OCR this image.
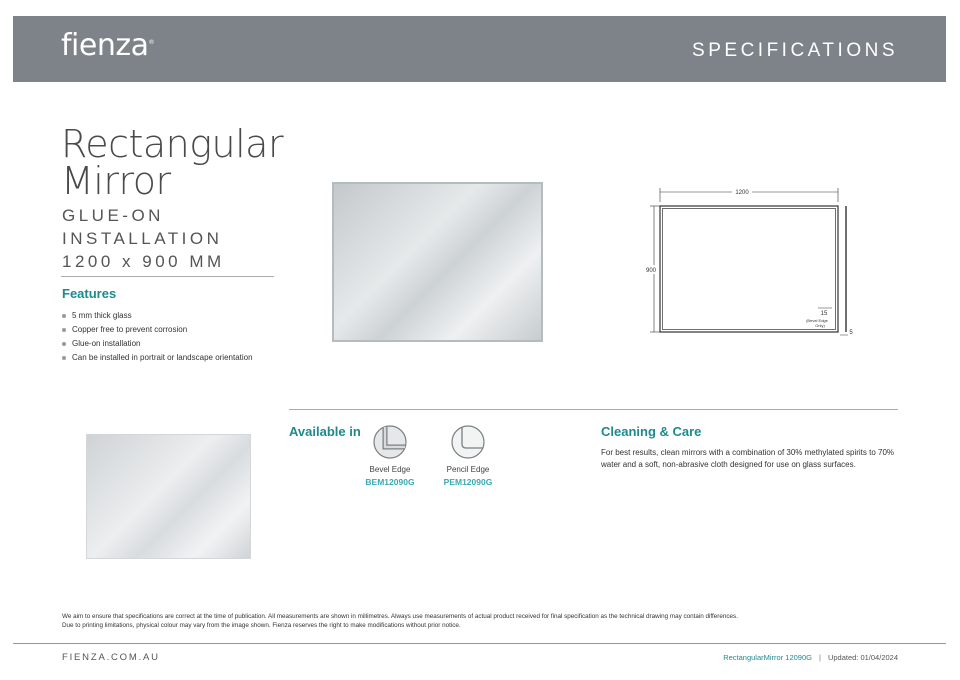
fienza®	SPECIFICATIONS
Rectangular
Mirror
GLUE-ON
INSTALLATION
1200 x 900 MM
Features
5 mm thick glass
Copper free to prevent corrosion
Glue-on installation
Can be installed in portrait or landscape orientation
1200
900
15
(Bevel Edge
Only)
5
Available in
Bevel Edge
BEM12090G
Pencil Edge
PEM12090G
Cleaning & Care
For best results, clean mirrors with a combination of 30% methylated spirits to 70% water and a soft, non-abrasive cloth designed for use on glass surfaces.
We aim to ensure that specifications are correct at the time of publication. All measurements are shown in millimetres. Always use measurements of actual product received for final specification as the technical drawing may contain differences.
Due to printing limitations, physical colour may vary from the image shown. Fienza reserves the right to make modifications without prior notice.
FIENZA.COM.AU	RectangularMirror 12090G | Updated: 01/04/2024
